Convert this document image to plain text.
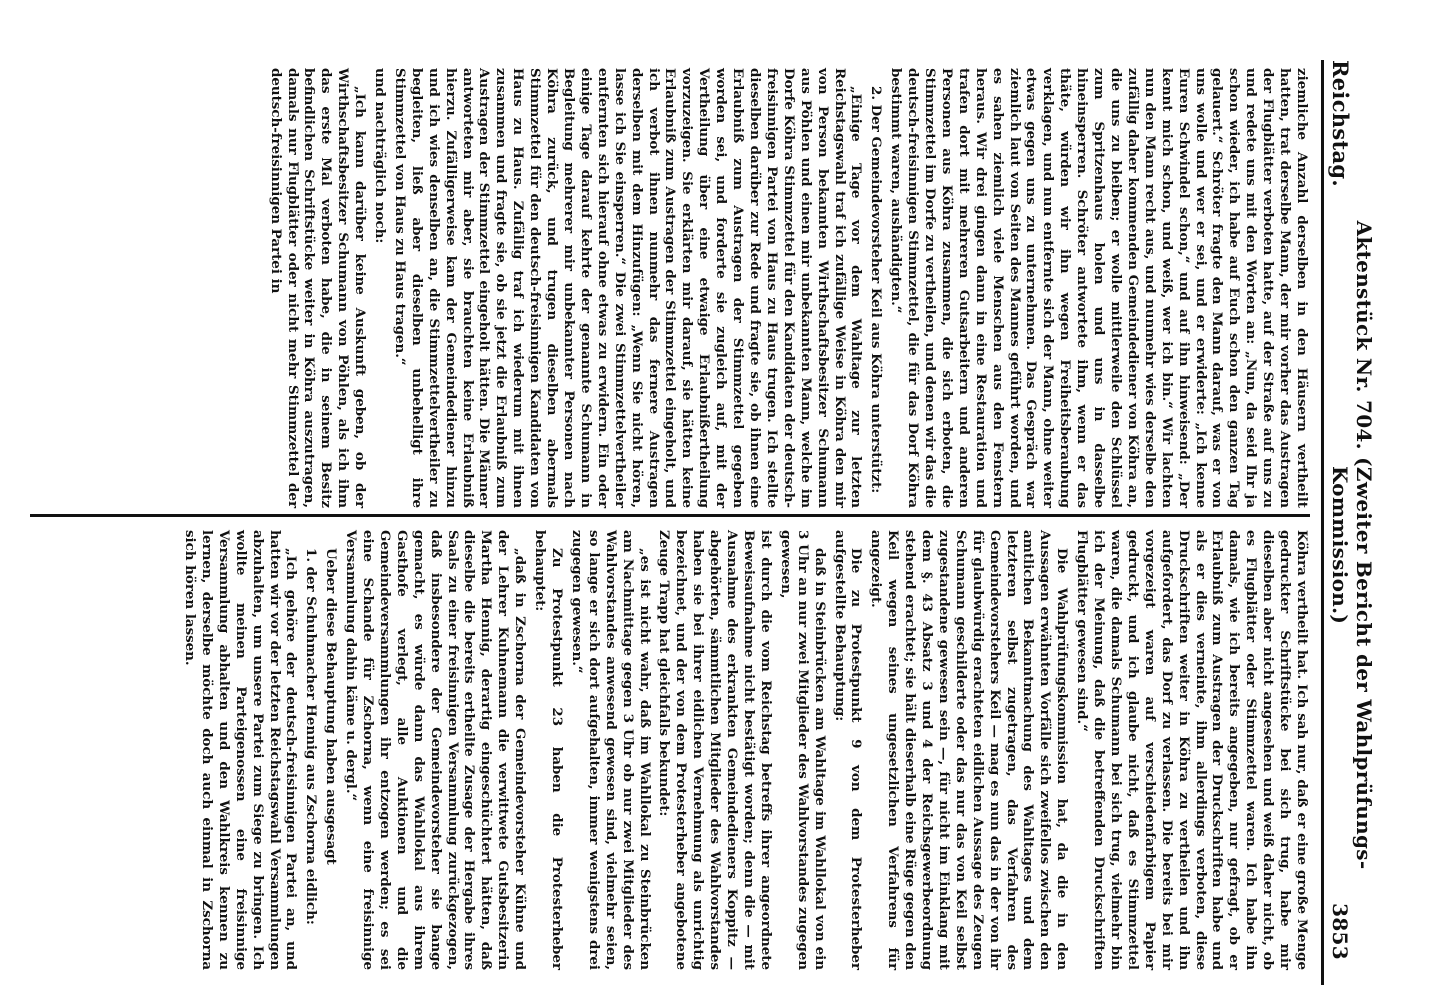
Reichstag.
Aktenstück Nr. 704. (Zweiter Bericht der Wahlprüfungs-Kommission.)
3853

ziemliche Anzahl derselben in den Häusern vertheilt hatten, trat derselbe Mann, der mir vorher das Austragen der Flugblätter verboten hatte, auf der Straße auf uns zu und redete uns mit den Worten an: „Nun, da seid Ihr ja schon wieder, ich habe auf Euch schon den ganzen Tag gelauert.“ Schröter fragte den Mann darauf, was er von uns wolle und wer er sei, und er erwiderte: „Ich kenne Euren Schwindel schon,“ und auf ihn hinweisend: „Der kennt mich schon, und weiß, wer ich bin.“ Wir lachten nun den Mann recht aus, und nunmehr wies derselbe den zufällig daher kommenden Gemeindediener von Köhra an, die uns zu bleiben; er wolle mittlerweile den Schlüssel zum Spritzenhaus holen und uns in dasselbe hineinsperren. Schröter antwortete ihm, wenn er das thäte, würden wir ihn wegen Freiheitsberaubung verklagen, und nun entfernte sich der Mann, ohne weiter etwas gegen uns zu unternehmen. Das Gespräch war ziemlich laut von Seiten des Mannes geführt worden, und es sahen ziemlich viele Menschen aus den Fenstern heraus. Wir drei gingen dann in eine Restauration und trafen dort mit mehreren Gutsarbeitern und anderen Personen aus Köhra zusammen, die sich erboten, die Stimmzettel im Dorfe zu vertheilen, und denen wir das die deutsch-freisinnigen Stimmzettel, die für das Dorf Köhra bestimmt waren, aushändigten.“

2. Der Gemeindevorsteher Keil aus Köhra unterstützt:

„Einige Tage vor dem Wahltage zur letzten Reichstagswahl traf ich zufällige Weise in Köhra den mir von Person bekannten Wirthschaftsbesitzer Schumann aus Pöhlen und einen mir unbekannten Mann, welche im Dorfe Köhra Stimmzettel für den Kandidaten der deutsch-freisinnigen Partei von Haus zu Haus trugen. Ich stellte dieselben darüber zur Rede und fragte sie, ob ihnen eine Erlaubniß zum Austragen der Stimmzettel gegeben worden sei, und forderte sie zugleich auf, mit der Vertheilung über eine etwaige Erlaubnißertheilung vorzuzeigen. Sie erklärten mir darauf, sie hätten keine Erlaubniß zum Austragen der Stimmzettel eingeholt, und ich verbot ihnen nunmehr das fernere Austragen derselben mit dem Hinzufügen: „Wenn Sie nicht hören, lasse ich Sie einsperren.“ Die zwei Stimmzettelvertheiler entfernten sich hierauf ohne etwas zu erwidern. Ein oder einige Tage darauf kehrte der genannte Schumann in Begleitung mehrerer mir unbekannter Personen nach Köhra zurück, und trugen dieselben abermals Stimmzettel für den deutsch-freisinnigen Kandidaten von Haus zu Haus. Zufällig traf ich wiederum mit ihnen zusammen und fragte sie, ob sie jetzt die Erlaubniß zum Austragen der Stimmzettel eingeholt hätten. Die Männer antworteten mir aber, sie brauchten keine Erlaubniß hierzu. Zufälligerweise kam der Gemeindediener hinzu und ich wies denselben an, die Stimmzettelvertheiler zu begleiten, ließ aber dieselben unbehelligt ihre Stimmzettel von Haus zu Haus tragen.“

und nachträglich noch:

„Ich kann darüber keine Auskunft geben, ob der Wirthschaftsbesitzer Schumann von Pöhlen, als ich ihm das erste Mal verboten habe, die in seinem Besitz befindlichen Schriftstücke weiter in Köhra auszutragen, damals nur Flugblätter oder nicht mehr Stimmzettel der deutsch-freisinnigen Partei in

Köhra vertheilt hat. Ich sah nur, daß er eine große Menge gedruckter Schriftstücke bei sich trug, habe mir dieselben aber nicht angesehen und weiß daher nicht, ob es Flugblätter oder Stimmzettel waren. Ich habe ihn damals, wie ich bereits angegeben, nur gefragt, ob er Erlaubniß zum Austragen der Druckschriften habe und als er dies verneinte, ihm allerdings verboten, diese Druckschriften weiter in Köhra zu vertheilen und ihn aufgefordert, das Dorf zu verlassen. Die bereits bei mir vorgezeigt waren auf verschiedenfarbigem Papier gedruckt, und ich glaube nicht, daß es Stimmzettel waren, die damals Schumann bei sich trug, vielmehr bin ich der Meinung, daß die betreffenden Druckschriften Flugblätter gewesen sind.“

Die Wahlprüfungskommission hat, da die in den Aussagen erwähnten Vorfälle sich zweifellos zwischen den amtlichen Bekanntmachung des Wahltages und dem letzteren selbst zugetragen, das Verfahren des Gemeindevorstehers Keil — mag es nun das in der von ihr für glaubwürdig erachteten eidlichen Aussage des Zeugen Schumann geschilderte oder das nur das von Keil selbst zugestandene gewesen sein —, für nicht im Einklang mit dem §. 43 Absatz 3 und 4 der Reichsgewerbeordnung stehend erachtet; sie hält dieserhalb eine Rüge gegen den Keil wegen seines ungesetzlichen Verfahrens für angezeigt.

Die zu Protestpunkt 9 von dem Protesterheber aufgestellte Behauptung:

daß in Steinbrücken am Wahltage im Wahllokal von ein 3 Uhr an nur zwei Mitglieder des Wahlvorstandes zugegen gewesen,

ist durch die vom Reichstag betreffs ihrer angeordnete Beweisaufnahme nicht bestätigt worden; denn die — mit Ausnahme des erkrankten Gemeindedieners Koppitz — abgehörten, sämmtlichen Mitglieder des Wahlvorstandes haben sie bei ihrer eidlichen Vernehmung als unrichtig bezeichnet, und der von dem Protesterheber angebotene Zeuge Trapp hat gleichfalls bekundet:

„es ist nicht wahr, daß im Wahllokal zu Steinbrücken am Nachmittage gegen 3 Uhr ob nur zwei Mitglieder des Wahlvorstandes anwesend gewesen sind, vielmehr seien, so lange er sich dort aufgehalten, immer wenigstens drei zugegen gewesen.“

Zu Protestpunkt 23 haben die Protesterheber behauptet:

„daß in Zschorna der Gemeindevorsteher Kühne und der Lehrer Kuhnemann die verwittwete Gutsbesitzerin Martha Hennig, derartig eingeschüchtert hätten, daß dieselbe die bereits ertheilte Zusage der Hergabe ihres Saals zu einer freisinnigen Versammlung zurückgezogen, daß insbesondere der Gemeindevorsteher sie bange gemacht, es würde dann das Wahllokal aus ihrem Gasthofe verlegt, alle Auktionen und die Gemeindeversammlungen ihr entzogen werden; es sei eine Schande für Zschorna, wenn eine freisinnige Versammlung dahin käme u. dergl.“

Ueber diese Behauptung haben ausgesagt

1. der Schuhmacher Hennig aus Zschorna eidlich:

„Ich gehöre der deutsch-freisinnigen Partei an, und hatten wir vor der letzten Reichstagswahl Versammlungen abzuhalten, um unsere Partei zum Siege zu bringen. Ich wollte meinen Parteigenossen eine freisinnige Versammlung abhalten und den Wahlkreis kennen zu lernen, derselbe möchte doch auch einmal in Zschorna sich hören lassen.
